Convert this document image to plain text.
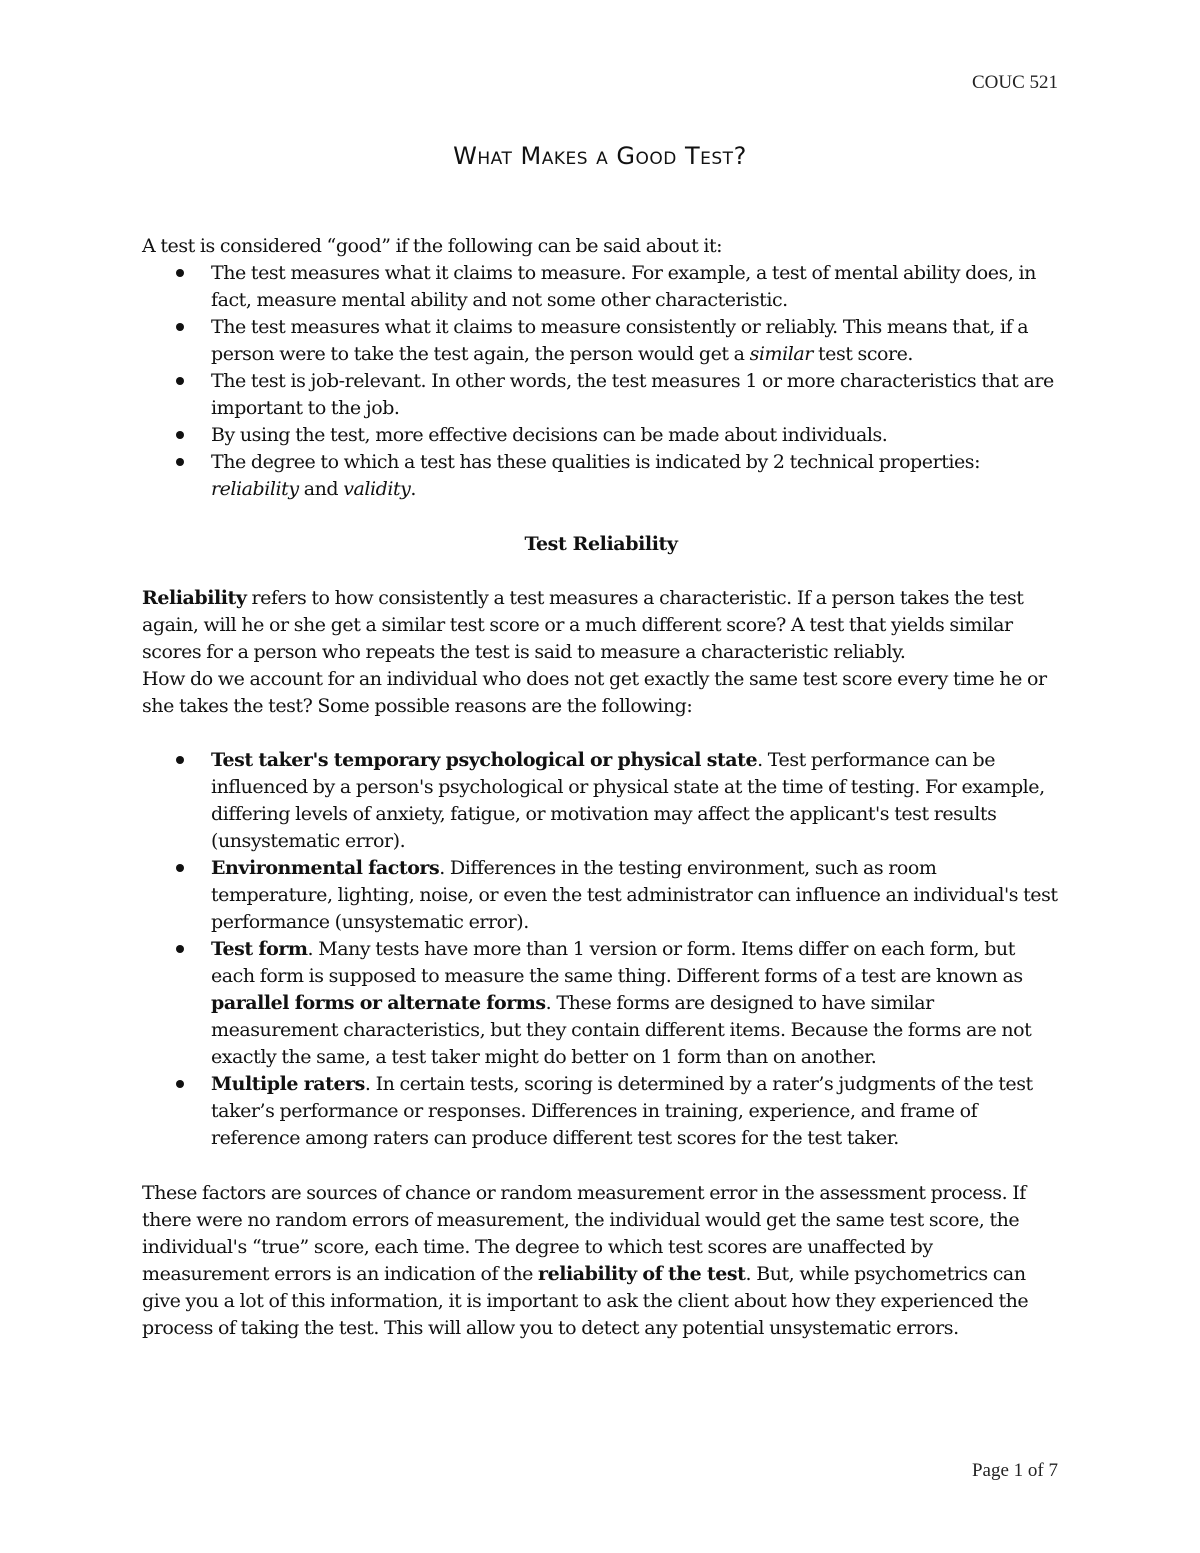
COUC 521
What Makes a Good Test?

A test is considered “good” if the following can be said about it:

The test measures what it claims to measure. For example, a test of mental ability does, in fact, measure mental ability and not some other characteristic.
The test measures what it claims to measure consistently or reliably. This means that, if a person were to take the test again, the person would get a similar test score.
The test is job-relevant. In other words, the test measures 1 or more characteristics that are important to the job.
By using the test, more effective decisions can be made about individuals.
The degree to which a test has these qualities is indicated by 2 technical properties:
reliability and validity.
Test Reliability

Reliability refers to how consistently a test measures a characteristic. If a person takes the test again, will he or she get a similar test score or a much different score? A test that yields similar scores for a person who repeats the test is said to measure a characteristic reliably.

How do we account for an individual who does not get exactly the same test score every time he or she takes the test? Some possible reasons are the following:

Test taker's temporary psychological or physical state. Test performance can be influenced by a person's psychological or physical state at the time of testing. For example, differing levels of anxiety, fatigue, or motivation may affect the applicant's test results (unsystematic error).
Environmental factors. Differences in the testing environment, such as room temperature, lighting, noise, or even the test administrator can influence an individual's test performance (unsystematic error).
Test form. Many tests have more than 1 version or form. Items differ on each form, but each form is supposed to measure the same thing. Different forms of a test are known as parallel forms or alternate forms. These forms are designed to have similar measurement characteristics, but they contain different items. Because the forms are not exactly the same, a test taker might do better on 1 form than on another.
Multiple raters. In certain tests, scoring is determined by a rater’s judgments of the test taker’s performance or responses. Differences in training, experience, and frame of reference among raters can produce different test scores for the test taker.

These factors are sources of chance or random measurement error in the assessment process. If there were no random errors of measurement, the individual would get the same test score, the individual's “true” score, each time. The degree to which test scores are unaffected by measurement errors is an indication of the reliability of the test. But, while psychometrics can give you a lot of this information, it is important to ask the client about how they experienced the process of taking the test. This will allow you to detect any potential unsystematic errors.

Page 1 of 7
